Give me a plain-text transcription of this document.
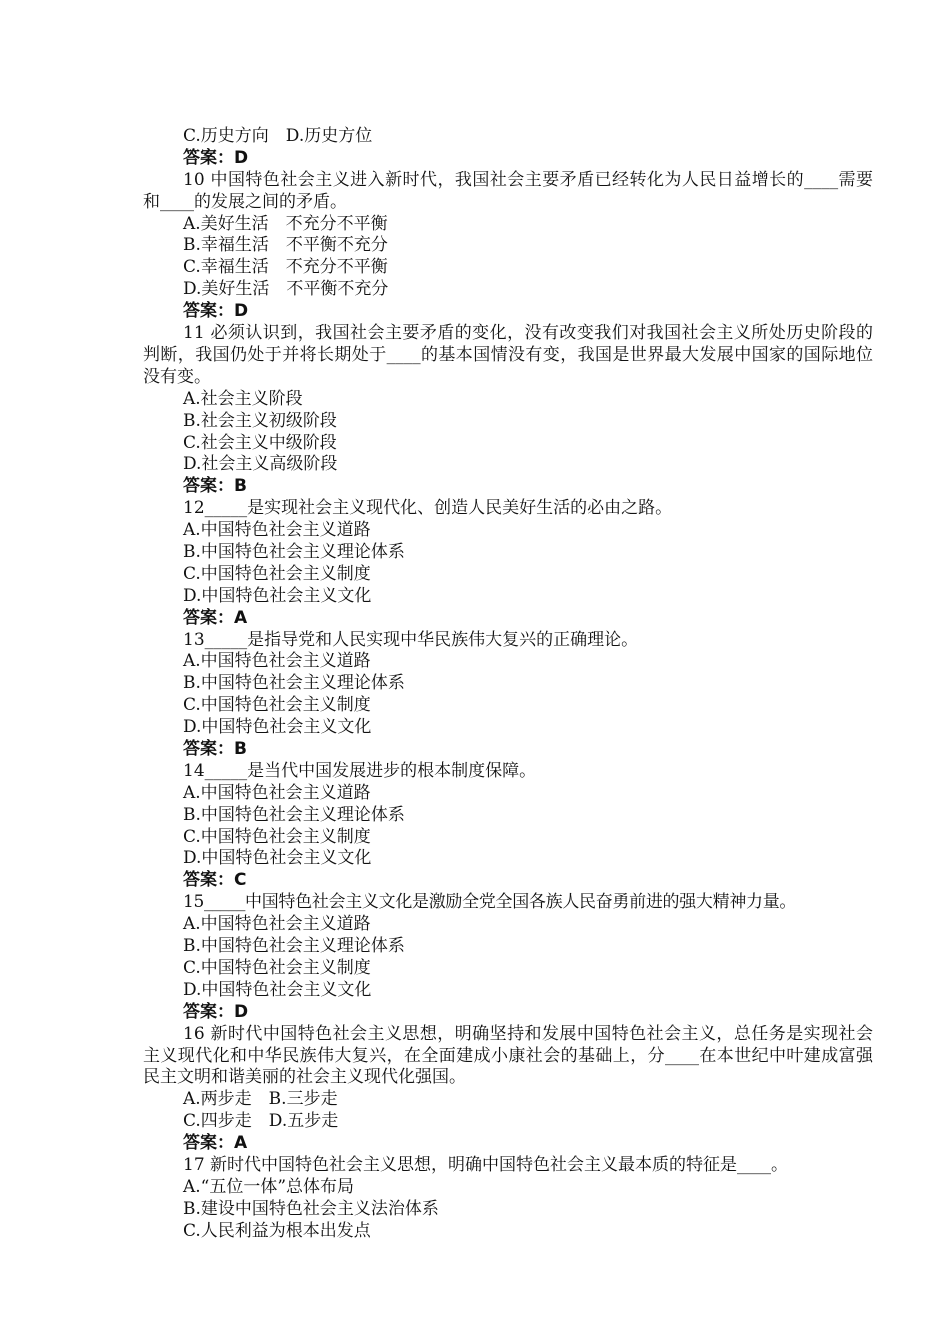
C.历史方向　D.历史方位
答案：D
10 中国特色社会主义进入新时代，我国社会主要矛盾已经转化为人民日益增长的____需要和____的发展之间的矛盾。
A.美好生活　不充分不平衡
B.幸福生活　不平衡不充分
C.幸福生活　不充分不平衡
D.美好生活　不平衡不充分
答案：D
11 必须认识到，我国社会主要矛盾的变化，没有改变我们对我国社会主义所处历史阶段的判断，我国仍处于并将长期处于____的基本国情没有变，我国是世界最大发展中国家的国际地位没有变。
A.社会主义阶段
B.社会主义初级阶段
C.社会主义中级阶段
D.社会主义高级阶段
答案：B
12_____是实现社会主义现代化、创造人民美好生活的必由之路。
A.中国特色社会主义道路
B.中国特色社会主义理论体系
C.中国特色社会主义制度
D.中国特色社会主义文化
答案：A
13_____是指导党和人民实现中华民族伟大复兴的正确理论。
A.中国特色社会主义道路
B.中国特色社会主义理论体系
C.中国特色社会主义制度
D.中国特色社会主义文化
答案：B
14_____是当代中国发展进步的根本制度保障。
A.中国特色社会主义道路
B.中国特色社会主义理论体系
C.中国特色社会主义制度
D.中国特色社会主义文化
答案：C
15_____中国特色社会主义文化是激励全党全国各族人民奋勇前进的强大精神力量。
A.中国特色社会主义道路
B.中国特色社会主义理论体系
C.中国特色社会主义制度
D.中国特色社会主义文化
答案：D
16 新时代中国特色社会主义思想，明确坚持和发展中国特色社会主义，总任务是实现社会主义现代化和中华民族伟大复兴，在全面建成小康社会的基础上，分____在本世纪中叶建成富强民主文明和谐美丽的社会主义现代化强国。
A.两步走　B.三步走
C.四步走　D.五步走
答案：A
17 新时代中国特色社会主义思想，明确中国特色社会主义最本质的特征是____。
A.“五位一体”总体布局
B.建设中国特色社会主义法治体系
C.人民利益为根本出发点
